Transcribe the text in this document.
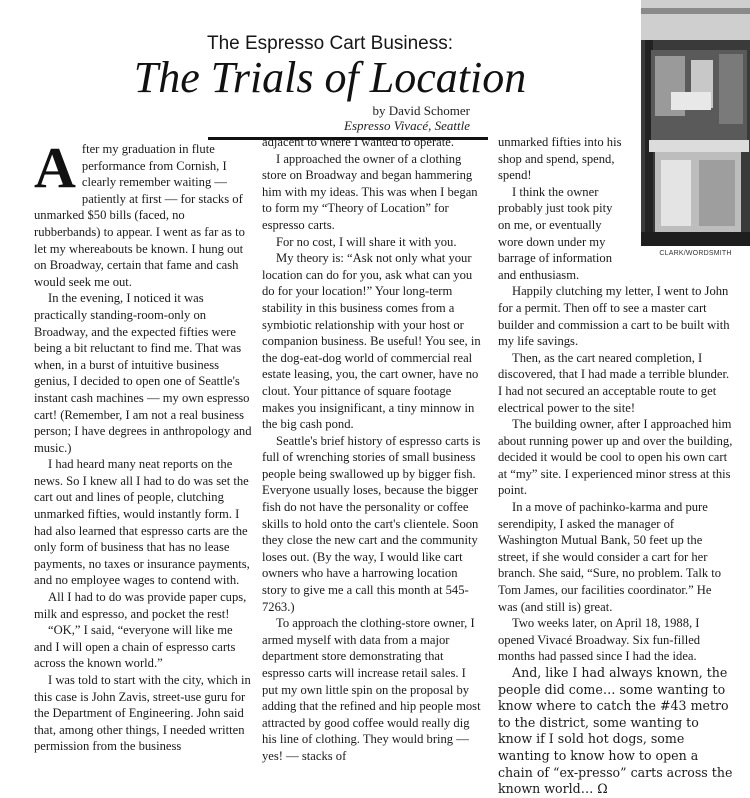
The Espresso Cart Business:
The Trials of Location
by David Schomer
Espresso Vivacé, Seattle
CLARK/WORDSMITH

After my graduation in flute performance from Cornish, I clearly remember waiting — patiently at first — for stacks of unmarked $50 bills (faced, no rubberbands) to appear. I went as far as to let my whereabouts be known. I hung out on Broadway, certain that fame and cash would seek me out.

In the evening, I noticed it was practically standing-room-only on Broadway, and the expected fifties were being a bit reluctant to find me. That was when, in a burst of intuitive business genius, I decided to open one of Seattle's instant cash machines — my own espresso cart! (Remember, I am not a real business person; I have degrees in anthropology and music.)

I had heard many neat reports on the news. So I knew all I had to do was set the cart out and lines of people, clutching unmarked fifties, would instantly form. I had also learned that espresso carts are the only form of business that has no lease payments, no taxes or insurance payments, and no employee wages to contend with.

All I had to do was provide paper cups, milk and espresso, and pocket the rest!

“OK,” I said, “everyone will like me and I will open a chain of espresso carts across the known world.”

I was told to start with the city, which in this case is John Zavis, street-use guru for the Department of Engineering. John said that, among other things, I needed written permission from the business

adjacent to where I wanted to operate.

I approached the owner of a clothing store on Broadway and began hammering him with my ideas. This was when I began to form my “Theory of Location” for espresso carts.

For no cost, I will share it with you.

My theory is: “Ask not only what your location can do for you, ask what can you do for your location!” Your long-term stability in this business comes from a symbiotic relationship with your host or companion business. Be useful! You see, in the dog-eat-dog world of commercial real estate leasing, you, the cart owner, have no clout. Your pittance of square footage makes you insignificant, a tiny minnow in the big cash pond.

Seattle's brief history of espresso carts is full of wrenching stories of small business people being swallowed up by bigger fish. Everyone usually loses, because the bigger fish do not have the personality or coffee skills to hold onto the cart's clientele. Soon they close the new cart and the community loses out. (By the way, I would like cart owners who have a harrowing location story to give me a call this month at 545-7263.)

To approach the clothing-store owner, I armed myself with data from a major department store demonstrating that espresso carts will increase retail sales. I put my own little spin on the proposal by adding that the refined and hip people most attracted by good coffee would really dig his line of clothing. They would bring — yes! — stacks of

unmarked fifties into his shop and spend, spend, spend!

I think the owner probably just took pity on me, or eventually wore down under my barrage of information and enthusiasm.

Happily clutching my letter, I went to John for a permit. Then off to see a master cart builder and commission a cart to be built with my life savings.

Then, as the cart neared completion, I discovered, that I had made a terrible blunder. I had not secured an acceptable route to get electrical power to the site!

The building owner, after I approached him about running power up and over the building, decided it would be cool to open his own cart at “my” site. I experienced minor stress at this point.

In a move of pachinko-karma and pure serendipity, I asked the manager of Washington Mutual Bank, 50 feet up the street, if she would consider a cart for her branch. She said, “Sure, no problem. Talk to Tom James, our facilities coordinator.” He was (and still is) great.

Two weeks later, on April 18, 1988, I opened Vivacé Broadway. Six fun-filled months had passed since I had the idea.

And, like I had always known, the people did come… some wanting to know where to catch the #43 metro to the district, some wanting to know if I sold hot dogs, some wanting to know how to open a chain of “ex-presso” carts across the known world… Ω
